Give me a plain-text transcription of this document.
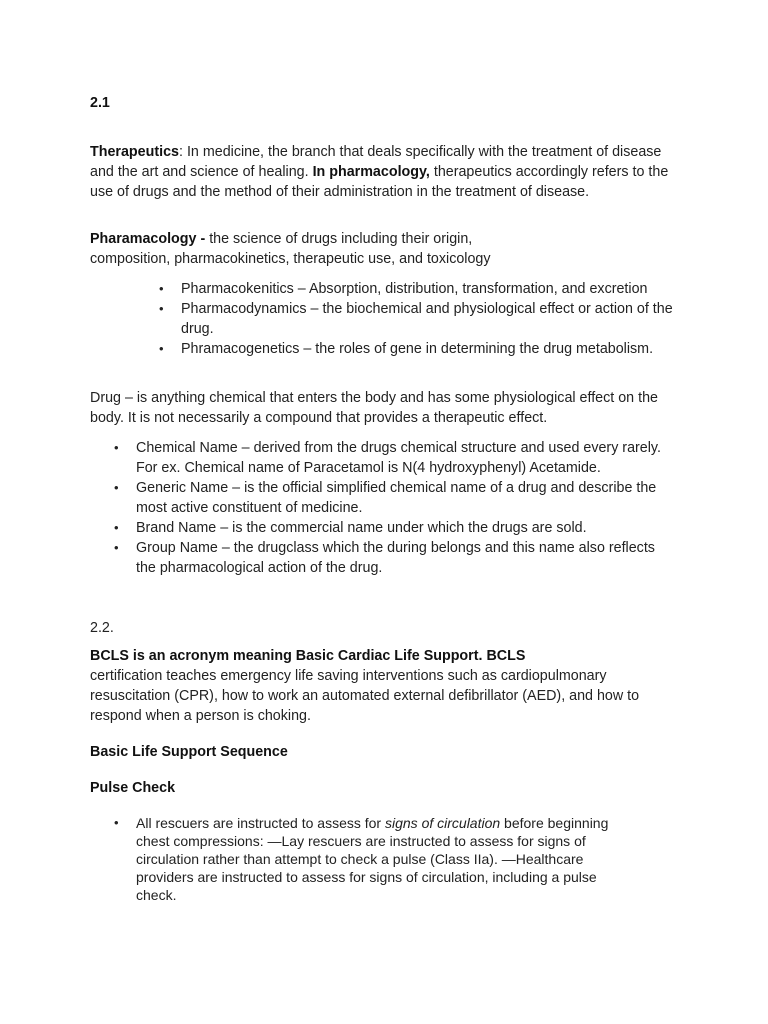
2.1

Therapeutics: In medicine, the branch that deals specifically with the treatment of disease and the art and science of healing. In pharmacology, therapeutics accordingly refers to the use of drugs and the method of their administration in the treatment of disease.

Pharamacology - the science of drugs including their origin,
composition, pharmacokinetics, therapeutic use, and toxicology

• Pharmacokenitics – Absorption, distribution, transformation, and excretion
• Pharmacodynamics – the biochemical and physiological effect or action of the drug.
• Phramacogenetics – the roles of gene in determining the drug metabolism.

Drug – is anything chemical that enters the body and has some physiological effect on the body. It is not necessarily a compound that provides a therapeutic effect.

• Chemical Name – derived from the drugs chemical structure and used every rarely. For ex. Chemical name of Paracetamol is N(4 hydroxyphenyl) Acetamide.
• Generic Name – is the official simplified chemical name of a drug and describe the most active constituent of medicine.
• Brand Name – is the commercial name under which the drugs are sold.
• Group Name – the drugclass which the during belongs and this name also reflects the pharmacological action of the drug.

2.2.

BCLS is an acronym meaning Basic Cardiac Life Support. BCLS
certification teaches emergency life saving interventions such as cardiopulmonary resuscitation (CPR), how to work an automated external defibrillator (AED), and how to respond when a person is choking.

Basic Life Support Sequence

Pulse Check

• All rescuers are instructed to assess for signs of circulation before beginning chest compressions: —Lay rescuers are instructed to assess for signs of circulation rather than attempt to check a pulse (Class IIa). —Healthcare providers are instructed to assess for signs of circulation, including a pulse check.
